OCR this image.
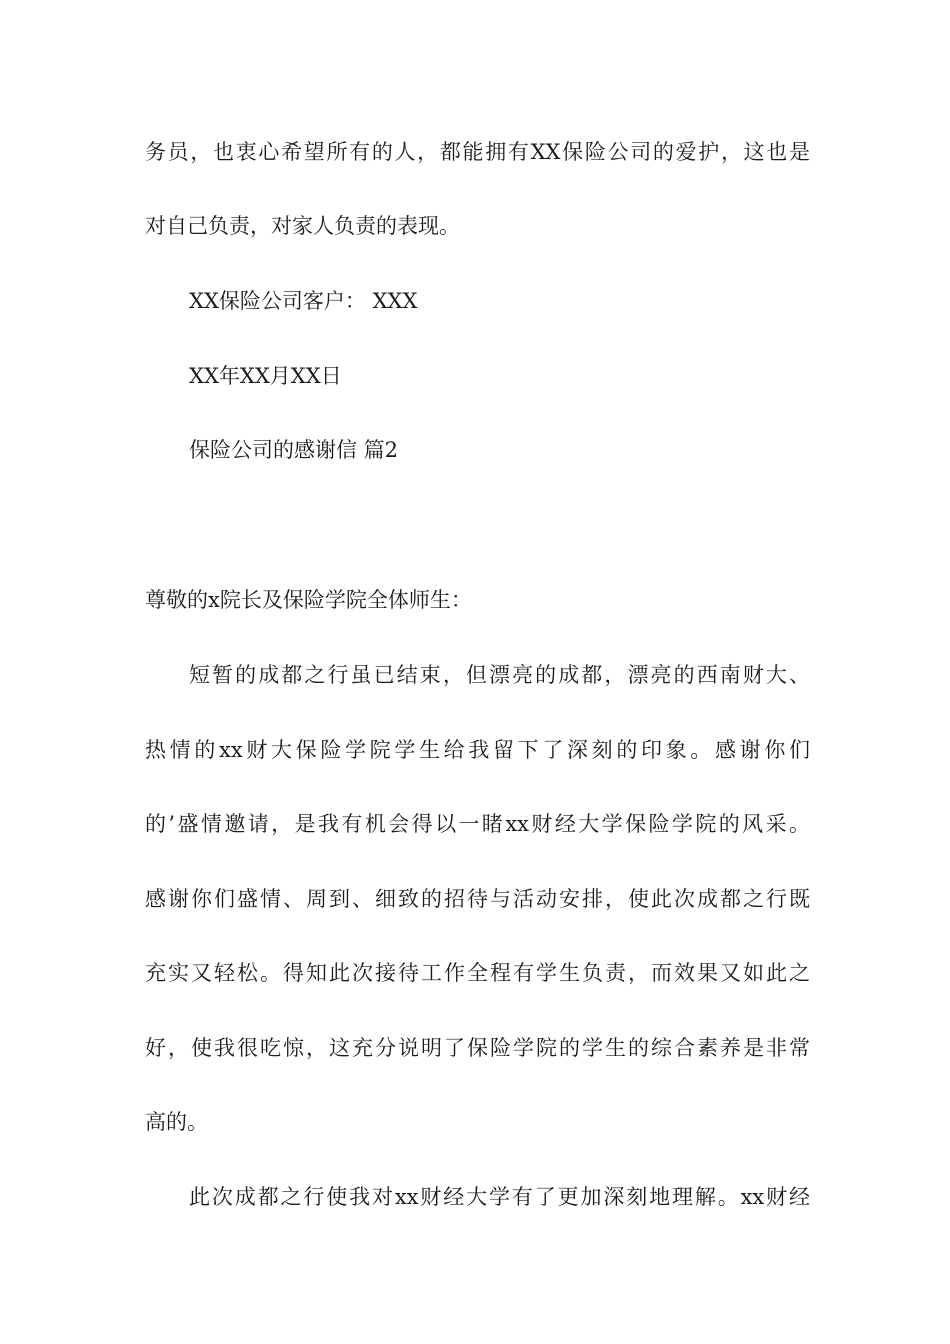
务员，也衷心希望所有的人，都能拥有XX保险公司的爱护，这也是
对自己负责，对家人负责的表现。
XX保险公司客户： XXX
XX年XX月XX日
保险公司的感谢信 篇2
尊敬的x院长及保险学院全体师生：
短暂的成都之行虽已结束，但漂亮的成都，漂亮的西南财大、
热情的xx财大保险学院学生给我留下了深刻的印象。感谢你们
的’盛情邀请，是我有机会得以一睹xx财经大学保险学院的风采。
感谢你们盛情、周到、细致的招待与活动安排，使此次成都之行既
充实又轻松。得知此次接待工作全程有学生负责，而效果又如此之
好，使我很吃惊，这充分说明了保险学院的学生的综合素养是非常
高的。
此次成都之行使我对xx财经大学有了更加深刻地理解。xx财经
